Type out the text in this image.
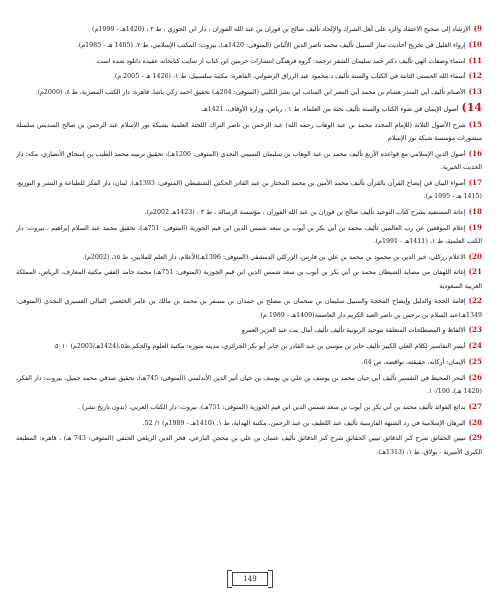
9)الإرشاد إلى صحيح الاعتقاد والرد على أهل الشرك والإلحاد تأليف صالح بن فوزان بن عبد الله الفوزان ، دار ابن الجوزي ، ط ٢ ، (1420هـ - 1999م) .

10)إرواء الغليل في تخريج أحاديث منار السبيل تأليف محمد ناصر الدين الألباني (المتوفى: 1420هـ)، بيروت: المكتب الإسلامي، ط ٢، (1405 هـ - 1985م).

11)اسماء وصفات الهي تأليف دكتر حمد سليمان الشقر ترجمه: گروه فرهنگی انتشارات حرمين اين كتاب از سايت كتابخانه عقيده دانلود شده است.

12)أسماء الله الحسنى الثابتة في الكتاب والسنة تأليف د.محمود عبد الرزاق الرضواني، القاهرة: مكتبة سلسبيل، ط ١، (1426 هـ - 2005 م).

13)الأصنام تأليف أبي المنذر هشام بن محمد أبي النضر ابن السائب ابن بشر الكلبي (المتوفى: 204هـ) تحقيق احمد زكي باشا، قاهرة: دار الكتب المصرية، ط ٤، (2000م).

14)أصول الإيمان في ضوء الكتاب والسنة تأليف نخبة من العلماء، ط ١ ، رياض، وزارة الأوقاف، 1421هـ.

15)شرح الأصول الثلاثة (للإمام المجدد محمد بن عبد الوهاب رحمه الله) عبد الرحمن بن ناصر البراك اللجنة العلمية بشبكة نور الإسلام عبد الرحمن بن صالح السديس سلسلة منشورات مؤسسة شبكة نور الإسلام

16)أصول الدين الإسلامي مع قواعده الأربع تأليف محمد بن عبد الوهاب بن سليمان التميمي النجدي (المتوفى: 1206هـ)، تحقيق ترتيبه محمد الطيب بن إسحاق الأنصاري، مكه: دار الحديث الخيرية.

17)أضواء البيان في إيضاح القرآن بالقرآن تأليف محمد الأمين بن محمد المختار بن عبد القادر الجكني الشنقيطي (المتوفى: 1393هـ). لبنان: دار الفكر للطباعة و النشر و التوزيع، (1415 هـ - 1995 م).

18)إعانة المستفيد بشرح كتاب التوحيد تأليف صالح بن فوزان بن عبد الله الفوزان ، مؤسسة الرسالة ، ط ٣ ، (1423هـ 2002م).

19)إعلام الموقعين عن رب العالمين تأليف محمد بن أبي بكر بن أيوب بن سعد شمس الدين ابن قيم الجوزية (المتوفى: 751هـ)، تحقيق محمد عبد السلام إبراهيم ، بيروت: دار الكتب العلمية، ط ١، (1411هـ - 1991م).

20)الاعلام زركلي، خير الدين بن محمود بن محمد بن علي بن فارس، الزركلي الدمشقي (المتوفى: 1396هـ)الأعلام، دار العلم للملايين، ط ١٥، (2002م).

21)إغاثة اللهفان من مصايد الشيطان محمد بن أبي بكر بن أيوب بن سعد شمس الدين ابن قيم الجوزية (المتوفى: 751هـ) محمد حامد الفقي مكتبة المعارف، الرياض، المملكة العربية السعودية

22)إقامة الحجة والدليل وإيضاح المحجة والسبيل سليمان بن سحمان بن مصلح بن حمدان بن مسفر بن محمد بن مالك بن عامر الخثعمي التبالي العسيري النجدي (المتوفى: 1349هـ)عبد السلام بن برجس بن ناصر العبد الكريم دار العاصمة(1409هـ - 1989 م)

23)الالفاظ و المصطلحات المتعلقة بتوحيد الربوبية تأليف تأليف آمال بنت عبد العزيز العمرو

24)أيسر التفاسير لكلام العلي الكبير تأليف جابر بن موسى بن عبد القادر بن جابر أبو بكر الجزائري، مدينه منوره: مكتبة العلوم والحكم،ط٥،(1424هـ/2003م) ٥٠١٠.

25)الإيمان: أركانه، حقيقته، نواقضه، ص 64.

26)البحر المحيط في التفسير تأليف أبي حيان محمد بن يوسف بن علي بن يوسف بن حيان أثير الدين الأندلسي (المتوفى: 745هـ)، تحقيق صدقي محمد جميل، بيروت: دار الفكر، (1420 هـ)، ١٠/190.

27)بدائع الفوائد تأليف محمد بن أبي بكر بن أيوب بن سعد شمس الدين ابن قيم الجوزية (المتوفى: 751هـ)، بيروت: دار الكتاب العربي، (بدون تاريخ نشر) .

28)البرهان الإسلامية في رد الشبهة الفارسية تأليف عبد اللطيف بن عبد الرحمن، مكتبة الهداية، ط ١، (1410هـ - 1989م) ١/ 52.

29)تبيين الحقائق شرح كنز الدقائق تبيين الحقائق شرح كنز الدقائق تأليف عثمان بن علي بن محجن البارعي، فخر الدين الزيلعي الحنفي (المتوفى: 743 هـ) ، قاهره: المطبعة الكبرى الأميرية - بولاق، ط ١، (1313هـ).

149
